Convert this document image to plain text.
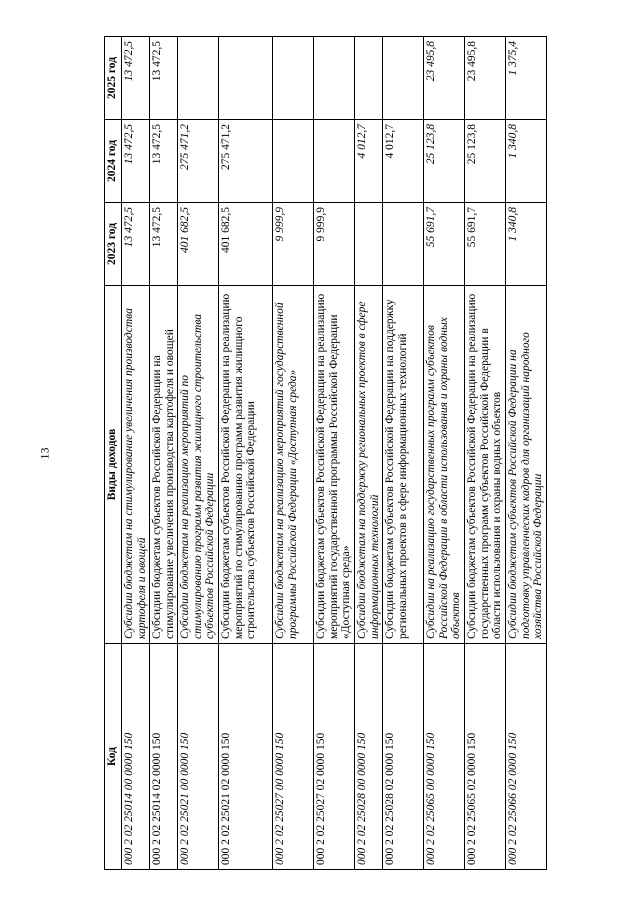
13
Код	Виды доходов	2023 год	2024 год	2025 год
000 2 02 25014 00 0000 150	Субсидии бюджетам на стимулирование увеличения производства картофеля и овощей	13 472,5	13 472,5	13 472,5
000 2 02 25014 02 0000 150	Субсидии бюджетам субъектов Российской Федерации на стимулирование увеличения производства картофеля и овощей	13 472,5	13 472,5	13 472,5
000 2 02 25021 00 0000 150	Субсидии бюджетам на реализацию мероприятий по стимулированию программ развития жилищного строительства субъектов Российской Федерации	401 682,5	275 471,2	
000 2 02 25021 02 0000 150	Субсидии бюджетам субъектов Российской Федерации на реализацию мероприятий по стимулированию программ развития жилищного строительства субъектов Российской Федерации	401 682,5	275 471,2	
000 2 02 25027 00 0000 150	Субсидии бюджетам на реализацию мероприятий государственной программы Российской Федерации «Доступная среда»	9 999,9		
000 2 02 25027 02 0000 150	Субсидии бюджетам субъектов Российской Федерации на реализацию мероприятий государственной программы Российской Федерации «Доступная среда»	9 999,9		
000 2 02 25028 00 0000 150	Субсидии бюджетам на поддержку региональных проектов в сфере информационных технологий		4 012,7	
000 2 02 25028 02 0000 150	Субсидии бюджетам субъектов Российской Федерации на поддержку региональных проектов в сфере информационных технологий		4 012,7	
000 2 02 25065 00 0000 150	Субсидии на реализацию государственных программ субъектов Российской Федерации в области использования и охраны водных объектов	55 691,7	25 123,8	23 495,8
000 2 02 25065 02 0000 150	Субсидии бюджетам субъектов Российской Федерации на реализацию государственных программ субъектов Российской Федерации в области использования и охраны водных объектов	55 691,7	25 123,8	23 495,8
000 2 02 25066 02 0000 150	Субсидии бюджетам субъектов Российской Федерации на подготовку управленческих кадров для организаций народного хозяйства Российской Федерации	1 340,8	1 340,8	1 375,4
